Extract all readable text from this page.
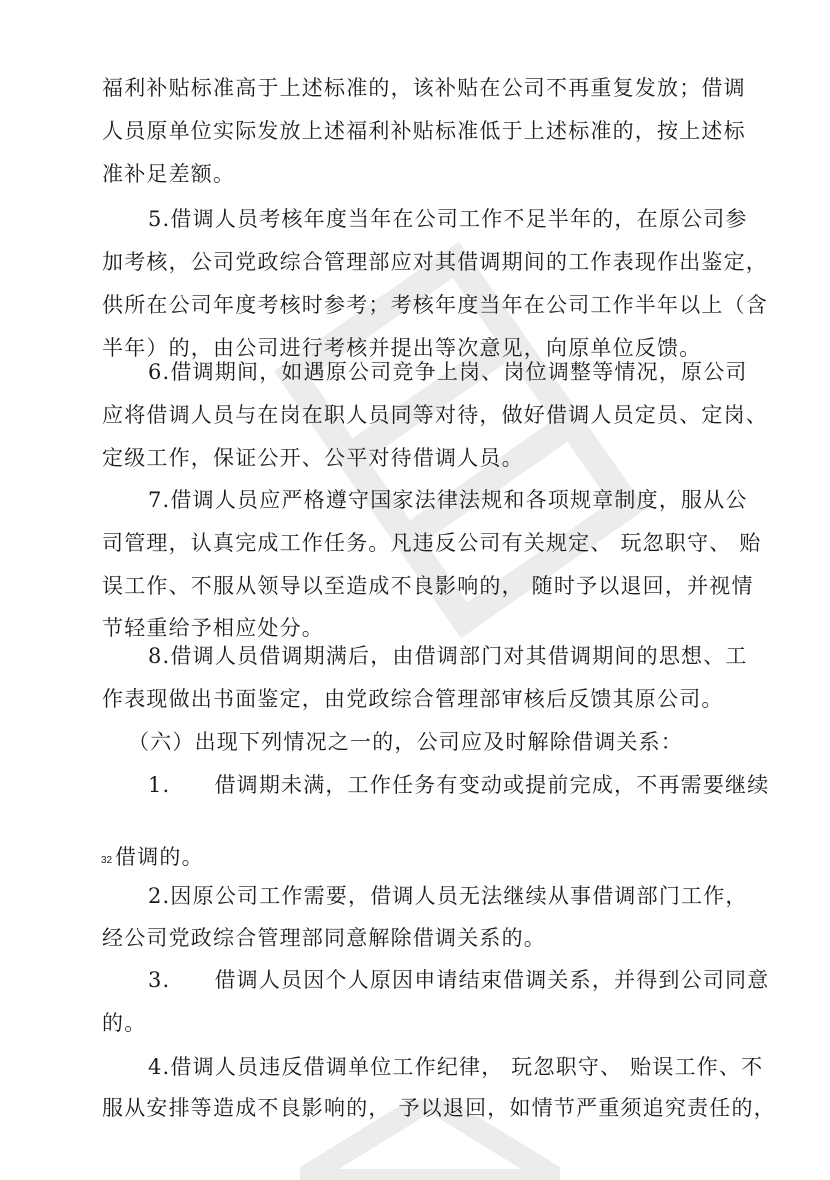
福利补贴标准高于上述标准的，该补贴在公司不再重复发放；借调
人员原单位实际发放上述福利补贴标准低于上述标准的，按上述标
准补足差额。
5.借调人员考核年度当年在公司工作不足半年的，在原公司参
加考核，公司党政综合管理部应对其借调期间的工作表现作出鉴定，
供所在公司年度考核时参考；考核年度当年在公司工作半年以上（含
半年）的，由公司进行考核并提出等次意见，向原单位反馈。
6.借调期间，如遇原公司竞争上岗、岗位调整等情况，原公司
应将借调人员与在岗在职人员同等对待，做好借调人员定员、定岗、
定级工作，保证公开、公平对待借调人员。
7.借调人员应严格遵守国家法律法规和各项规章制度，服从公
司管理，认真完成工作任务。凡违反公司有关规定、 玩忽职守、 贻
误工作、不服从领导以至造成不良影响的， 随时予以退回，并视情
节轻重给予相应处分。
8.借调人员借调期满后，由借调部门对其借调期间的思想、工
作表现做出书面鉴定，由党政综合管理部审核后反馈其原公司。
（六）出现下列情况之一的，公司应及时解除借调关系：
1. 借调期未满，工作任务有变动或提前完成，不再需要继续
32 借调的。
2.因原公司工作需要，借调人员无法继续从事借调部门工作，
经公司党政综合管理部同意解除借调关系的。
3. 借调人员因个人原因申请结束借调关系，并得到公司同意
的。
4.借调人员违反借调单位工作纪律， 玩忽职守、 贻误工作、不
服从安排等造成不良影响的， 予以退回，如情节严重须追究责任的，
